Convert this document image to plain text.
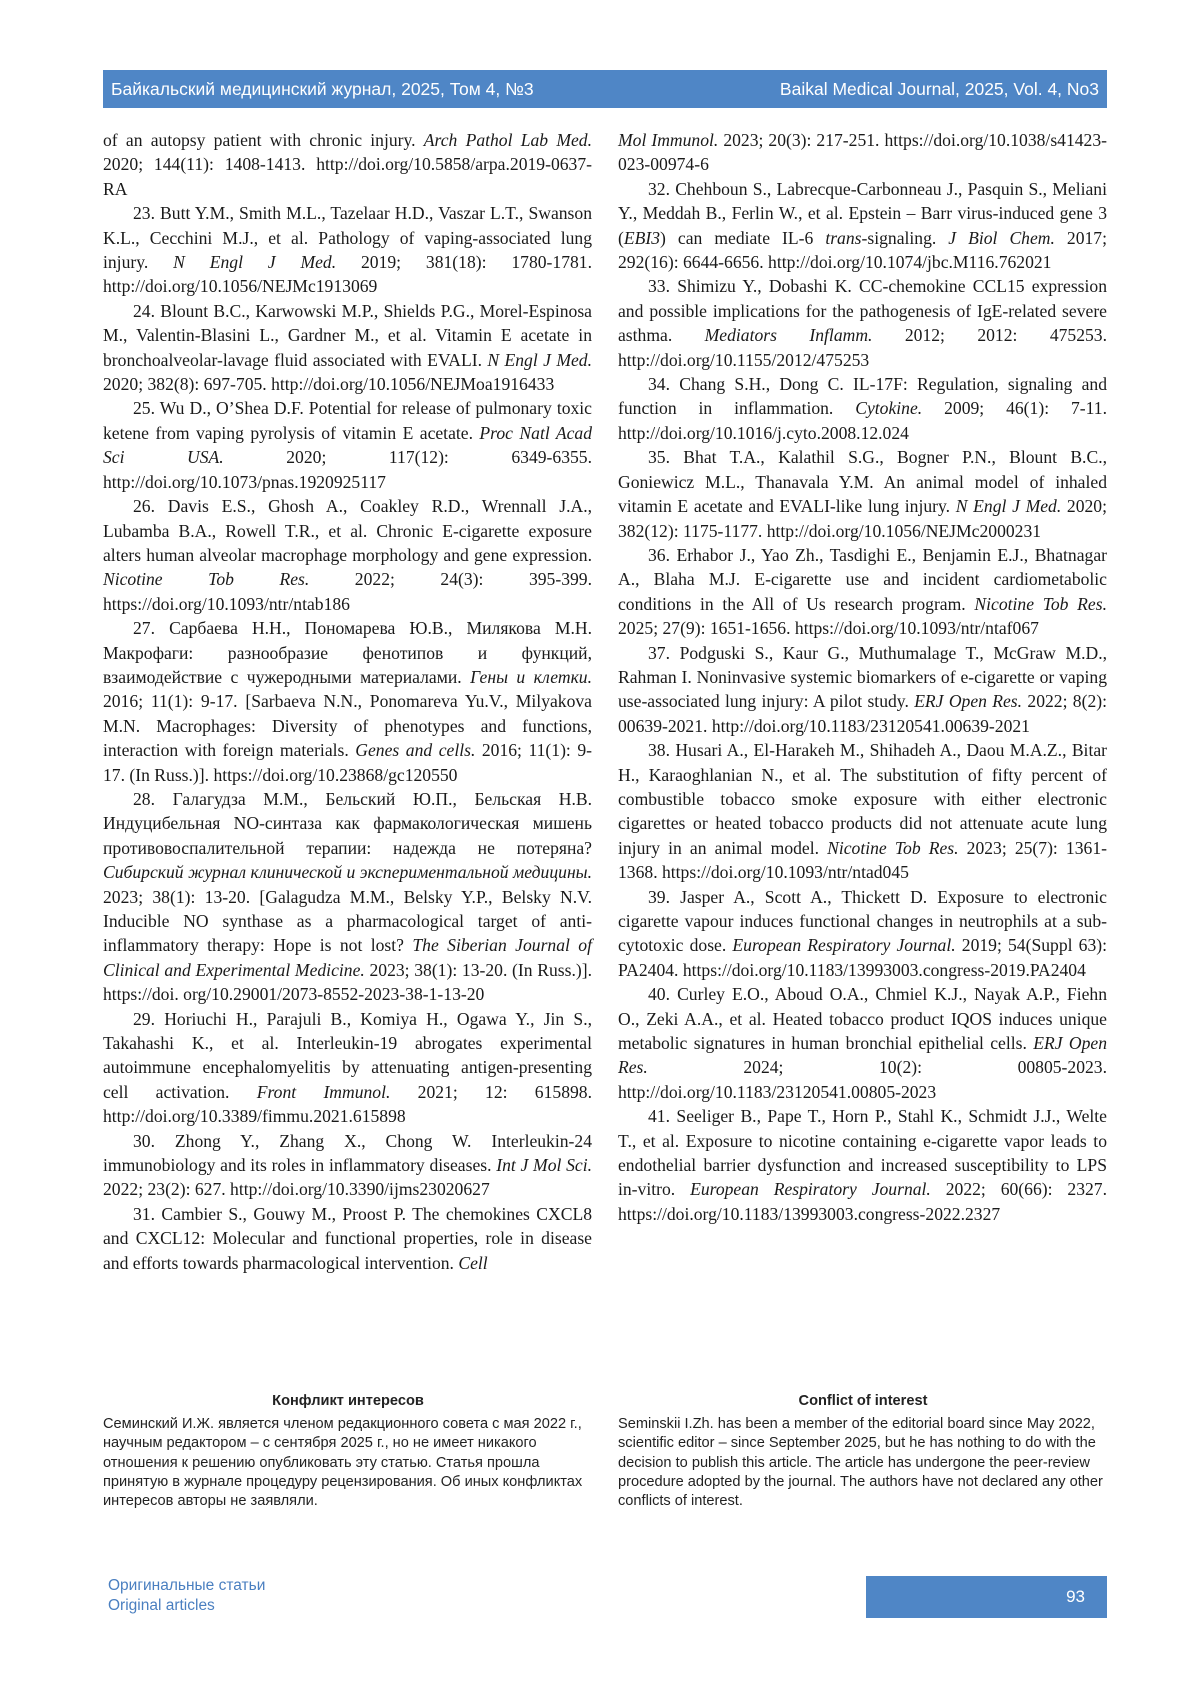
Байкальский медицинский журнал, 2025, Том 4, №3	Baikal Medical Journal, 2025, Vol. 4, No3

of an autopsy patient with chronic injury. Arch Pathol Lab Med. 2020; 144(11): 1408-1413. http://doi.org/10.5858/arpa.2019-0637-RA

23. Butt Y.M., Smith M.L., Tazelaar H.D., Vaszar L.T., Swanson K.L., Cecchini M.J., et al. Pathology of vaping-associated lung injury. N Engl J Med. 2019; 381(18): 1780-1781. http://doi.org/10.1056/NEJMc1913069

24. Blount B.C., Karwowski M.P., Shields P.G., Morel-Espinosa M., Valentin-Blasini L., Gardner M., et al. Vitamin E acetate in bronchoalveolar-lavage fluid associated with EVALI. N Engl J Med. 2020; 382(8): 697-705. http://doi.org/10.1056/NEJMoa1916433

25. Wu D., O’Shea D.F. Potential for release of pulmonary toxic ketene from vaping pyrolysis of vitamin E acetate. Proc Natl Acad Sci USA. 2020; 117(12): 6349-6355. http://doi.org/10.1073/pnas.1920925117

26. Davis E.S., Ghosh A., Coakley R.D., Wrennall J.A., Lubamba B.A., Rowell T.R., et al. Chronic E-cigarette exposure alters human alveolar macrophage morphology and gene expression. Nicotine Tob Res. 2022; 24(3): 395-399. https://doi.org/10.1093/ntr/ntab186

27. Сарбаева Н.Н., Пономарева Ю.В., Милякова М.Н. Макрофаги: разнообразие фенотипов и функций, взаимодействие с чужеродными материалами. Гены и клетки. 2016; 11(1): 9-17. [Sarbaeva N.N., Ponomareva Yu.V., Milyakova M.N. Macrophages: Diversity of phenotypes and functions, interaction with foreign materials. Genes and cells. 2016; 11(1): 9-17. (In Russ.)]. https://doi.org/10.23868/gc120550

28. Галагудза М.М., Бельский Ю.П., Бельская Н.В. Индуцибельная NO-синтаза как фармакологическая мишень противовоспалительной терапии: надежда не потеряна? Сибирский журнал клинической и экспериментальной медицины. 2023; 38(1): 13-20. [Galagudza M.M., Belsky Y.P., Belsky N.V. Inducible NO synthase as a pharmacological target of anti-inflammatory therapy: Hope is not lost? The Siberian Journal of Clinical and Experimental Medicine. 2023; 38(1): 13-20. (In Russ.)]. https://doi. org/10.29001/2073-8552-2023-38-1-13-20

29. Horiuchi H., Parajuli B., Komiya H., Ogawa Y., Jin S., Takahashi K., et al. Interleukin-19 abrogates experimental autoimmune encephalomyelitis by attenuating antigen-presenting cell activation. Front Immunol. 2021; 12: 615898. http://doi.org/10.3389/fimmu.2021.615898

30. Zhong Y., Zhang X., Chong W. Interleukin-24 immunobiology and its roles in inflammatory diseases. Int J Mol Sci. 2022; 23(2): 627. http://doi.org/10.3390/ijms23020627

31. Cambier S., Gouwy M., Proost P. The chemokines CXCL8 and CXCL12: Molecular and functional properties, role in disease and efforts towards pharmacological intervention. Cell

Mol Immunol. 2023; 20(3): 217-251. https://doi.org/10.1038/s41423-023-00974-6

32. Chehboun S., Labrecque-Carbonneau J., Pasquin S., Meliani Y., Meddah B., Ferlin W., et al. Epstein – Barr virus-induced gene 3 (EBI3) can mediate IL-6 trans-signaling. J Biol Chem. 2017; 292(16): 6644-6656. http://doi.org/10.1074/jbc.M116.762021

33. Shimizu Y., Dobashi K. CC-chemokine CCL15 expression and possible implications for the pathogenesis of IgE-related severe asthma. Mediators Inflamm. 2012; 2012: 475253. http://doi.org/10.1155/2012/475253

34. Chang S.H., Dong C. IL-17F: Regulation, signaling and function in inflammation. Cytokine. 2009; 46(1): 7-11. http://doi.org/10.1016/j.cyto.2008.12.024

35. Bhat T.A., Kalathil S.G., Bogner P.N., Blount B.C., Goniewicz M.L., Thanavala Y.M. An animal model of inhaled vitamin E acetate and EVALI-like lung injury. N Engl J Med. 2020; 382(12): 1175-1177. http://doi.org/10.1056/NEJMc2000231

36. Erhabor J., Yao Zh., Tasdighi E., Benjamin E.J., Bhatnagar A., Blaha M.J. E-cigarette use and incident cardiometabolic conditions in the All of Us research program. Nicotine Tob Res. 2025; 27(9): 1651-1656. https://doi.org/10.1093/ntr/ntaf067

37. Podguski S., Kaur G., Muthumalage T., McGraw M.D., Rahman I. Noninvasive systemic biomarkers of e-cigarette or vaping use-associated lung injury: A pilot study. ERJ Open Res. 2022; 8(2): 00639-2021. http://doi.org/10.1183/23120541.00639-2021

38. Husari A., El-Harakeh M., Shihadeh A., Daou M.A.Z., Bitar H., Karaoghlanian N., et al. The substitution of fifty percent of combustible tobacco smoke exposure with either electronic cigarettes or heated tobacco products did not attenuate acute lung injury in an animal model. Nicotine Tob Res. 2023; 25(7): 1361-1368. https://doi.org/10.1093/ntr/ntad045

39. Jasper A., Scott A., Thickett D. Exposure to electronic cigarette vapour induces functional changes in neutrophils at a sub-cytotoxic dose. European Respiratory Journal. 2019; 54(Suppl 63): PA2404. https://doi.org/10.1183/13993003.congress-2019.PA2404

40. Curley E.O., Aboud O.A., Chmiel K.J., Nayak A.P., Fiehn O., Zeki A.A., et al. Heated tobacco product IQOS induces unique metabolic signatures in human bronchial epithelial cells. ERJ Open Res. 2024; 10(2): 00805-2023. http://doi.org/10.1183/23120541.00805-2023

41. Seeliger B., Pape T., Horn P., Stahl K., Schmidt J.J., Welte T., et al. Exposure to nicotine containing e-cigarette vapor leads to endothelial barrier dysfunction and increased susceptibility to LPS in-vitro. European Respiratory Journal. 2022; 60(66): 2327. https://doi.org/10.1183/13993003.congress-2022.2327

Конфликт интересов

Семинский И.Ж. является членом редакционного совета с мая 2022 г., научным редактором – с сентября 2025 г., но не имеет никакого отношения к решению опубликовать эту статью. Статья прошла принятую в журнале процедуру рецензирования. Об иных конфликтах интересов авторы не заявляли.

Conflict of interest

Seminskii I.Zh. has been a member of the editorial board since May 2022, scientific editor – since September 2025, but he has nothing to do with the decision to publish this article. The article has undergone the peer-review procedure adopted by the journal. The authors have not declared any other conflicts of interest.

Оригинальные статьи
Original articles	93
